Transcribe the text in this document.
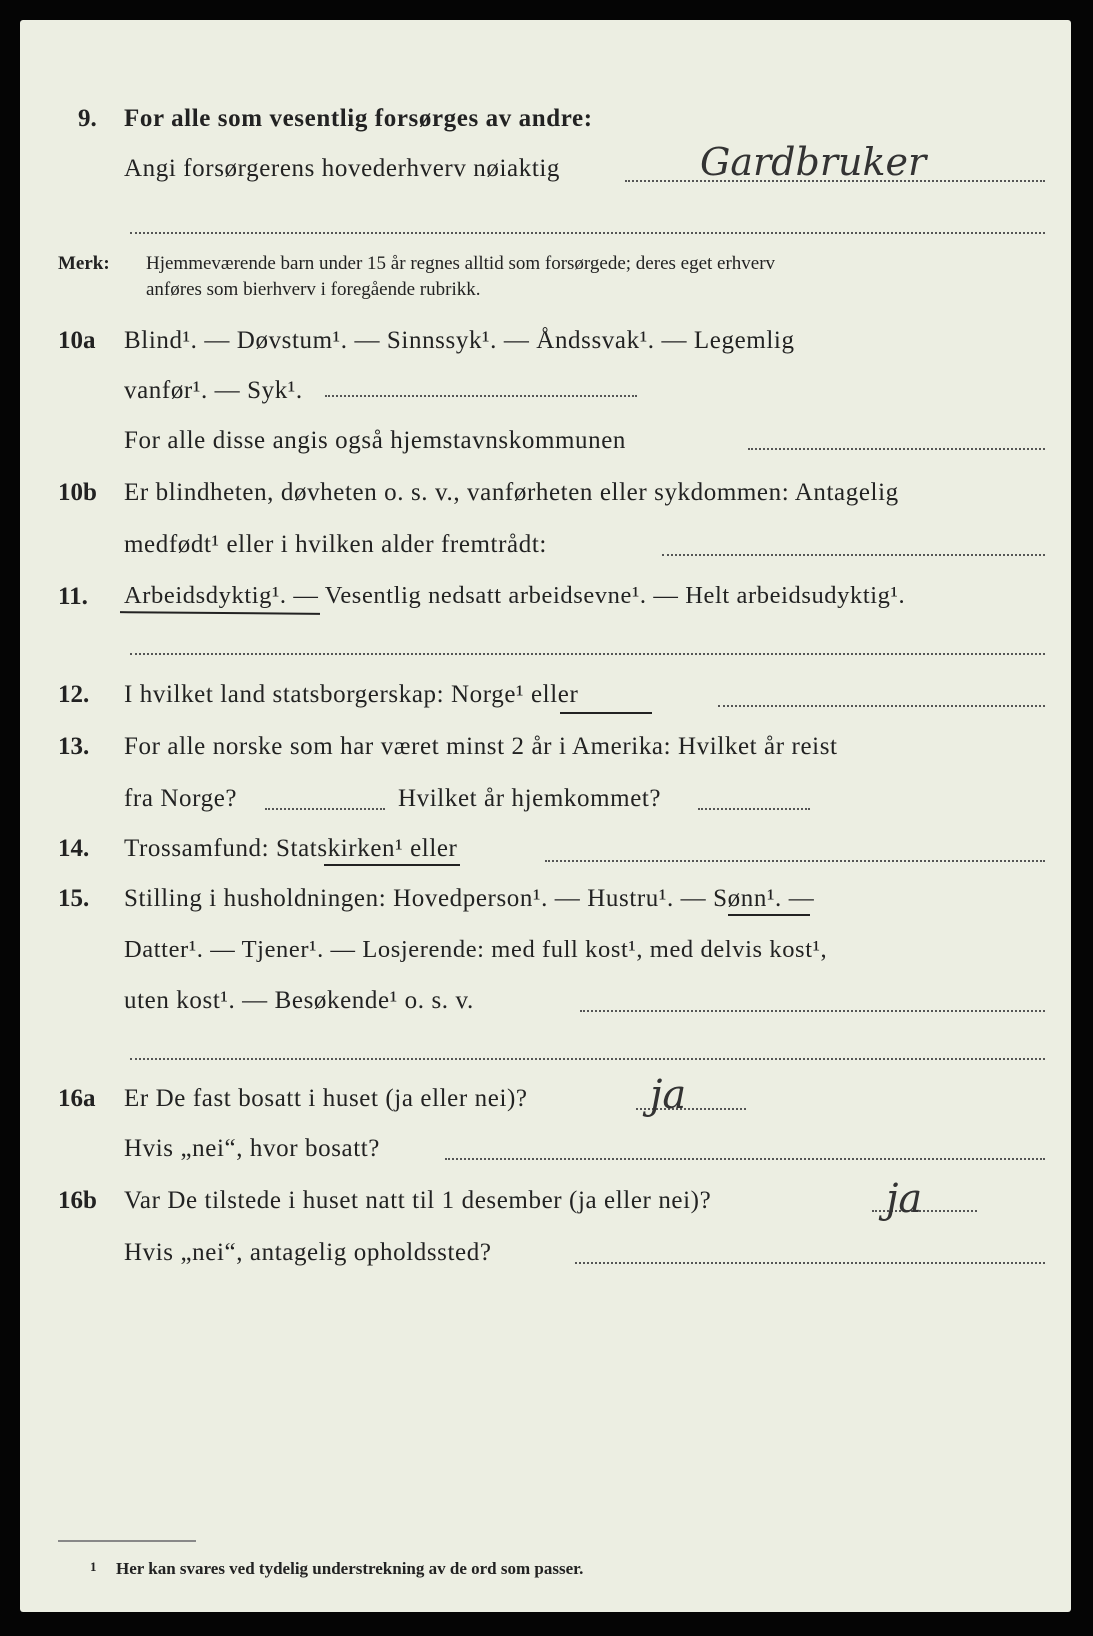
9. For alle som vesentlig forsørges av andre:
Angi forsørgerens hovederhverv nøiaktig	Gardbruker
Merk: Hjemmeværende barn under 15 år regnes alltid som forsørgede; deres eget erhverv
anføres som bierhverv i foregående rubrikk.
10a Blind¹. — Døvstum¹. — Sinnssyk¹. — Åndssvak¹. — Legemlig
vanfør¹. — Syk¹.
For alle disse angis også hjemstavnskommunen
10b Er blindheten, døvheten o. s. v., vanførheten eller sykdommen: Antagelig
medfødt¹ eller i hvilken alder fremtrådt:
11. Arbeidsdyktig¹. — Vesentlig nedsatt arbeidsevne¹. — Helt arbeidsudyktig¹.
12. I hvilket land statsborgerskap: Norge¹ eller
13. For alle norske som har været minst 2 år i Amerika: Hvilket år reist
fra Norge?	Hvilket år hjemkommet?
14. Trossamfund: Statskirken¹ eller
15. Stilling i husholdningen: Hovedperson¹. — Hustru¹. — Sønn¹. —
Datter¹. — Tjener¹. — Losjerende: med full kost¹, med delvis kost¹,
uten kost¹. — Besøkende¹ o. s. v.
16a Er De fast bosatt i huset (ja eller nei)?	ja
Hvis „nei“, hvor bosatt?
16b Var De tilstede i huset natt til 1 desember (ja eller nei)?	ja
Hvis „nei“, antagelig opholdssted?
1 Her kan svares ved tydelig understrekning av de ord som passer.
